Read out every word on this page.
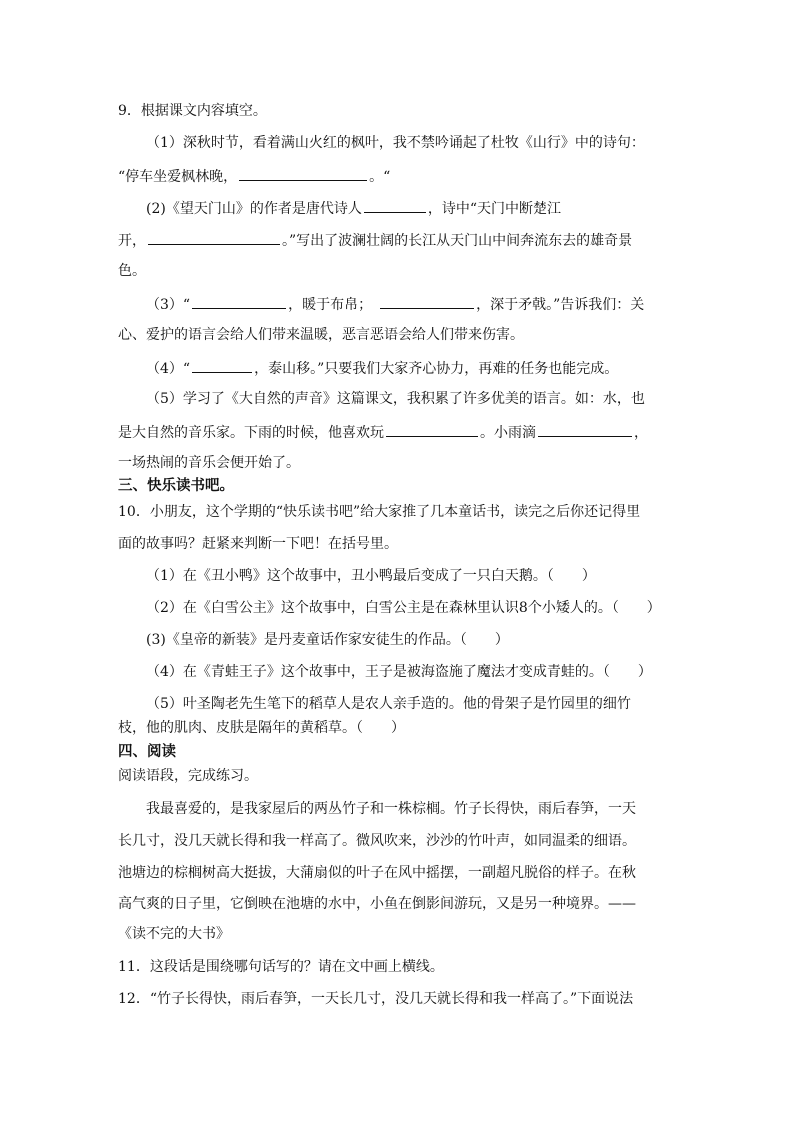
9．根据课文内容填空。
（1）深秋时节，看着满山火红的枫叶，我不禁吟诵起了杜牧《山行》中的诗句：
“停车坐爱枫林晚，	。“
(2)《望天门山》的作者是唐代诗人	，诗中“天门中断楚江
开，	。”写出了波澜壮阔的长江从天门山中间奔流东去的雄奇景
色。
（3）“	，暖于布帛；	，深于矛戟。”告诉我们：关
心、爱护的语言会给人们带来温暖，恶言恶语会给人们带来伤害。
（4）“	，泰山移。”只要我们大家齐心协力，再难的任务也能完成。
（5）学习了《大自然的声音》这篇课文，我积累了许多优美的语言。如：水，也
是大自然的音乐家。下雨的时候，他喜欢玩	。小雨滴	，
一场热闹的音乐会便开始了。
三、快乐读书吧。
10．小朋友，这个学期的“快乐读书吧”给大家推了几本童话书，读完之后你还记得里
面的故事吗？赶紧来判断一下吧！在括号里。
（1）在《丑小鸭》这个故事中，丑小鸭最后变成了一只白天鹅。（　　）
（2）在《白雪公主》这个故事中，白雪公主是在森林里认识8个小矮人的。（　　）
(3)《皇帝的新装》是丹麦童话作家安徒生的作品。（　　）
（4）在《青蛙王子》这个故事中，王子是被海盗施了魔法才变成青蛙的。（　　）
（5）叶圣陶老先生笔下的稻草人是农人亲手造的。他的骨架子是竹园里的细竹
枝，他的肌肉、皮肤是隔年的黄稻草。（　　）
四、阅读
阅读语段，完成练习。
我最喜爱的，是我家屋后的两丛竹子和一株棕榈。竹子长得快，雨后春笋，一天
长几寸，没几天就长得和我一样高了。微风吹来，沙沙的竹叶声，如同温柔的细语。
池塘边的棕榈树高大挺拔，大蒲扇似的叶子在风中摇摆，一副超凡脱俗的样子。在秋
高气爽的日子里，它倒映在池塘的水中，小鱼在倒影间游玩，又是另一种境界。——
《读不完的大书》
11．这段话是围绕哪句话写的？请在文中画上横线。
12．“竹子长得快，雨后春笋，一天长几寸，没几天就长得和我一样高了。”下面说法
